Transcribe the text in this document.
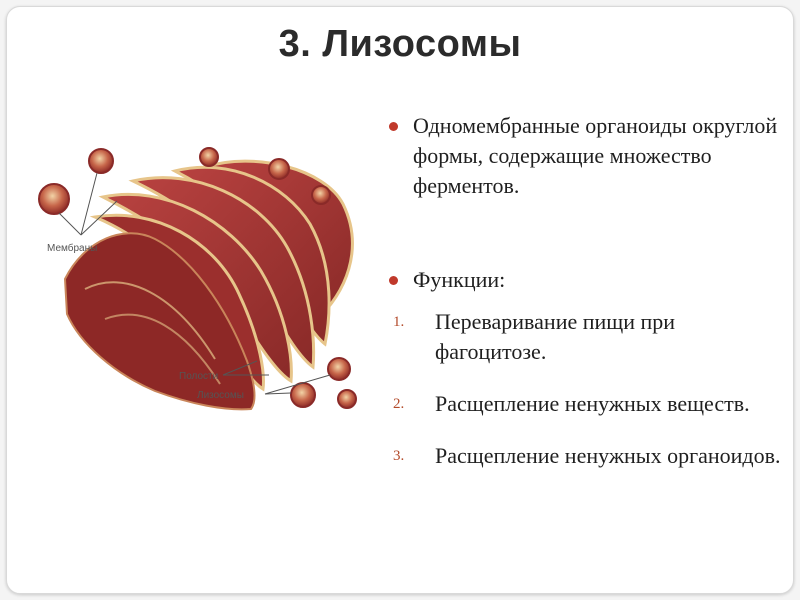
3. Лизосомы
Мембраны
Полости
Лизосомы
Одномембранные органоиды округлой формы, содержащие множество ферментов.
Функции:
1. Переваривание пищи при фагоцитозе.
2. Расщепление ненужных веществ.
3. Расщепление ненужных органоидов.
